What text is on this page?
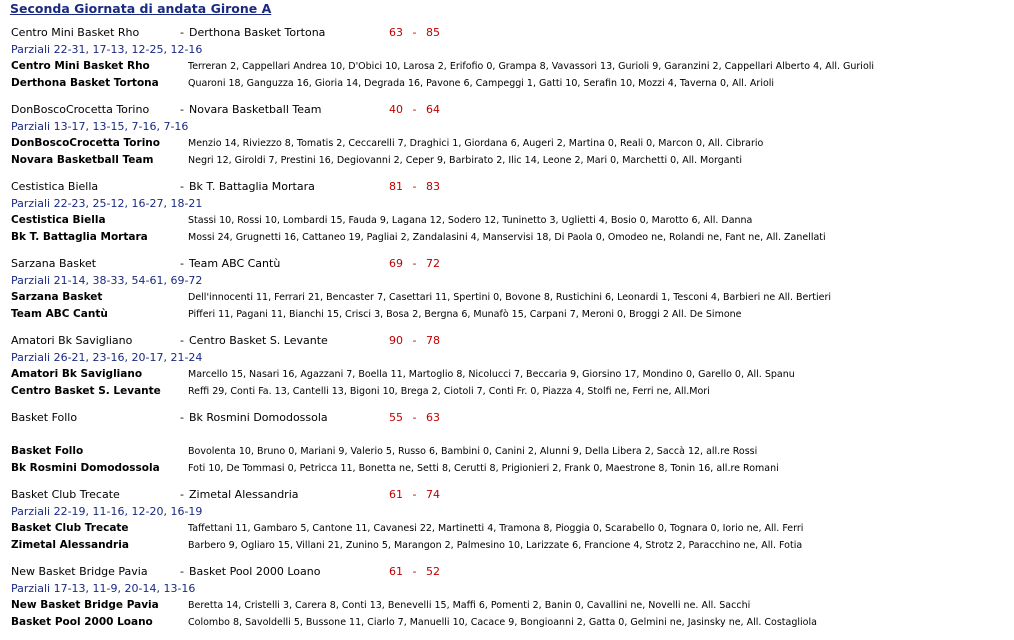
Seconda Giornata di andata Girone A
Centro Mini Basket Rho	- Derthona Basket Tortona	63 - 85
Parziali 22-31, 17-13, 12-25, 12-16
Centro Mini Basket Rho	Terreran 2, Cappellari Andrea 10, D'Obici 10, Larosa 2, Erifofio 0, Grampa 8, Vavassori 13, Gurioli 9, Garanzini 2, Cappellari Alberto 4, All. Gurioli
Derthona Basket Tortona	Quaroni 18, Ganguzza 16, Gioria 14, Degrada 16, Pavone 6, Campeggi 1, Gatti 10, Serafin 10, Mozzi 4, Taverna 0, All. Arioli
DonBoscoCrocetta Torino	- Novara Basketball Team	40 - 64
Parziali 13-17, 13-15, 7-16, 7-16
DonBoscoCrocetta Torino	Menzio 14, Riviezzo 8, Tomatis 2, Ceccarelli 7, Draghici 1, Giordana 6, Augeri 2, Martina 0, Reali 0, Marcon 0, All. Cibrario
Novara Basketball Team	Negri 12, Giroldi 7, Prestini 16, Degiovanni 2, Ceper 9, Barbirato 2, Ilic 14, Leone 2, Mari 0, Marchetti 0, All. Morganti
Cestistica Biella	- Bk T. Battaglia Mortara	81 - 83
Parziali 22-23, 25-12, 16-27, 18-21
Cestistica Biella	Stassi 10, Rossi 10, Lombardi 15, Fauda 9, Lagana 12, Sodero 12, Tuninetto 3, Uglietti 4, Bosio 0, Marotto 6, All. Danna
Bk T. Battaglia Mortara	Mossi 24, Grugnetti 16, Cattaneo 19, Pagliai 2, Zandalasini 4, Manservisi 18, Di Paola 0, Omodeo ne, Rolandi ne, Fant ne, All. Zanellati
Sarzana Basket	- Team ABC Cantù	69 - 72
Parziali 21-14, 38-33, 54-61, 69-72
Sarzana Basket	Dell'innocenti 11, Ferrari 21, Bencaster 7, Casettari 11, Spertini 0, Bovone 8, Rustichini 6, Leonardi 1, Tesconi 4, Barbieri ne All. Bertieri
Team ABC Cantù	Pifferi 11, Pagani 11, Bianchi 15, Crisci 3, Bosa 2, Bergna 6, Munafò 15, Carpani 7, Meroni 0, Broggi 2 All. De Simone
Amatori Bk Savigliano	- Centro Basket S. Levante	90 - 78
Parziali 26-21, 23-16, 20-17, 21-24
Amatori Bk Savigliano	Marcello 15, Nasari 16, Agazzani 7, Boella 11, Martoglio 8, Nicolucci 7, Beccaria 9, Giorsino 17, Mondino 0, Garello 0, All. Spanu
Centro Basket S. Levante	Reffi 29, Conti Fa. 13, Cantelli 13, Bigoni 10, Brega 2, Ciotoli 7, Conti Fr. 0, Piazza 4, Stolfi ne, Ferri ne, All.Mori
Basket Follo	- Bk Rosmini Domodossola	55 - 63
Basket Follo	Bovolenta 10, Bruno 0, Mariani 9, Valerio 5, Russo 6, Bambini 0, Canini 2, Alunni 9, Della Libera 2, Saccà 12, all.re Rossi
Bk Rosmini Domodossola	Foti 10, De Tommasi 0, Petricca 11, Bonetta ne, Setti 8, Cerutti 8, Prigionieri 2, Frank 0, Maestrone 8, Tonin 16, all.re Romani
Basket Club Trecate	- Zimetal Alessandria	61 - 74
Parziali 22-19, 11-16, 12-20, 16-19
Basket Club Trecate	Taffettani 11, Gambaro 5, Cantone 11, Cavanesi 22, Martinetti 4, Tramona 8, Pioggia 0, Scarabello 0, Tognara 0, Iorio ne, All. Ferri
Zimetal Alessandria	Barbero 9, Ogliaro 15, Villani 21, Zunino 5, Marangon 2, Palmesino 10, Larizzate 6, Francione 4, Strotz 2, Paracchino ne, All. Fotia
New Basket Bridge Pavia	- Basket Pool 2000 Loano	61 - 52
Parziali 17-13, 11-9, 20-14, 13-16
New Basket Bridge Pavia	Beretta 14, Cristelli 3, Carera 8, Conti 13, Benevelli 15, Maffi 6, Pomenti 2, Banin 0, Cavallini ne, Novelli ne. All. Sacchi
Basket Pool 2000 Loano	Colombo 8, Savoldelli 5, Bussone 11, Ciarlo 7, Manuelli 10, Cacace 9, Bongioanni 2, Gatta 0, Gelmini ne, Jasinsky ne, All. Costagliola
